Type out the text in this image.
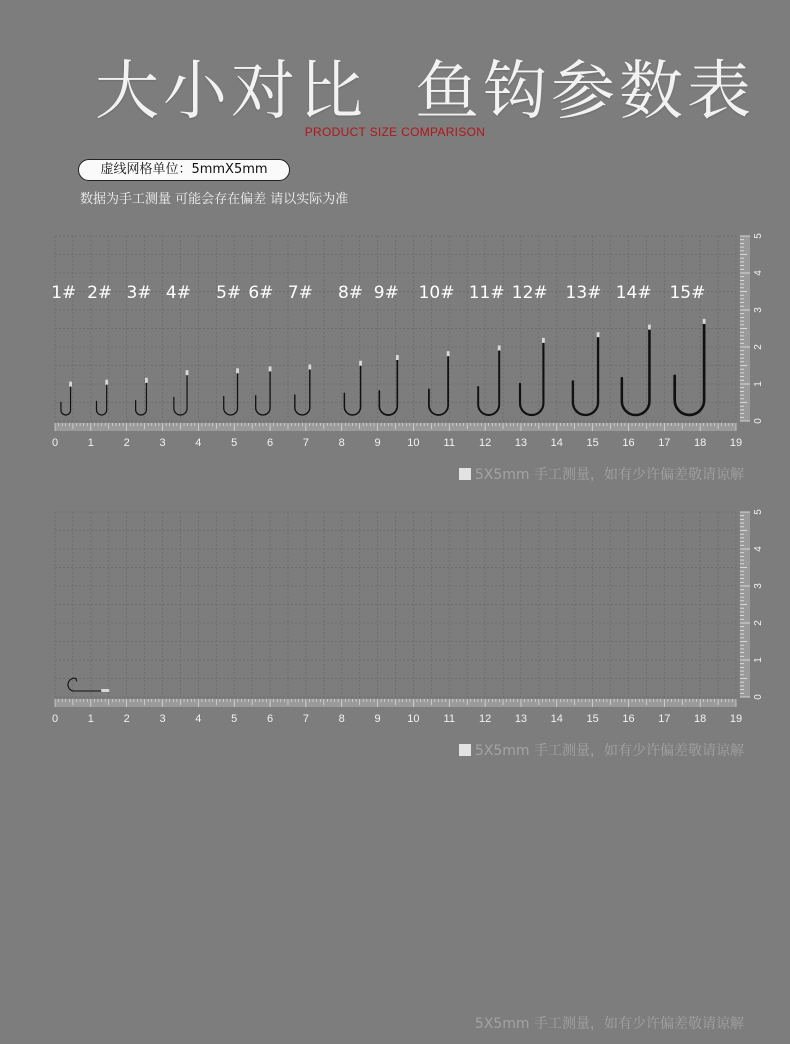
大小对比 鱼钩参数表
PRODUCT SIZE COMPARISON
虚线网格单位：5mmX5mm
数据为手工测量 可能会存在偏差 请以实际为准
0
1
2
3
4
5
0	1	2	3	4	5	6	7	8	9 10 11 12 13 14 15 16 17 18 19
1# 2# 3# 4# 5# 6# 7# 8# 9# 10# 11# 12# 13# 14# 15#
5X5mm 手工测量，如有少许偏差敬请谅解
0
1
2
3
4
5
0	1	2	3	4	5	6	7	8	9 10 11 12 13 14 15 16 17 18 19
5X5mm 手工测量，如有少许偏差敬请谅解
5X5mm 手工测量，如有少许偏差敬请谅解
